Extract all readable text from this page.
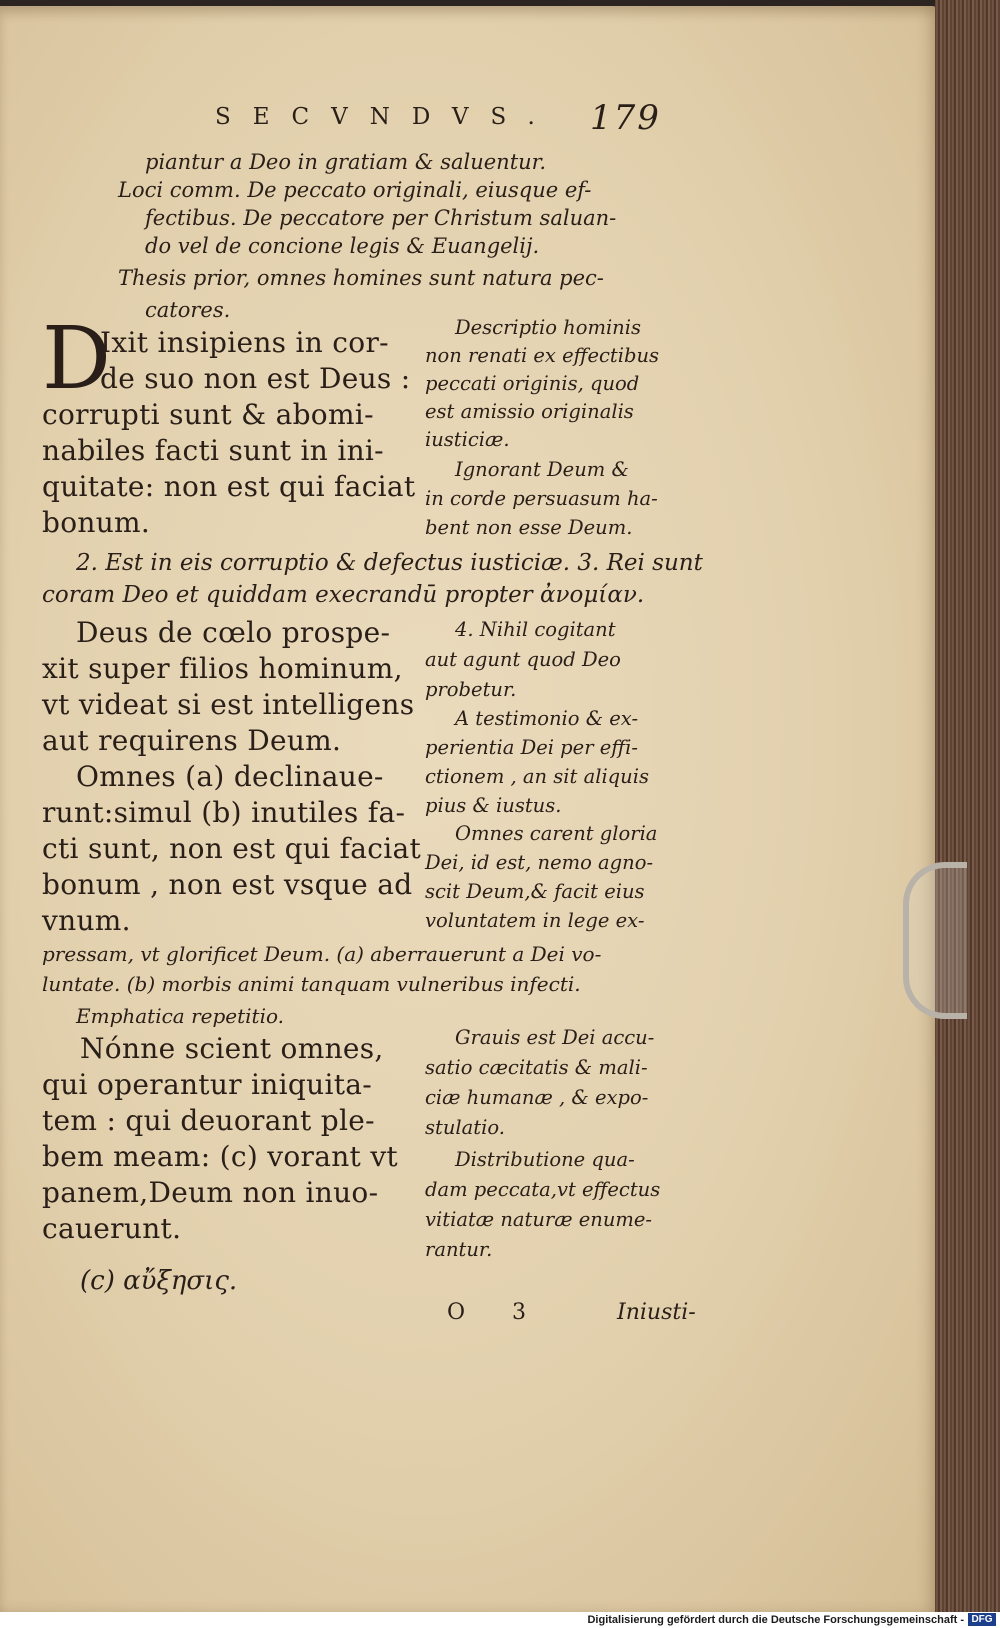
SECVNDVS. 179
piantur a Deo in gratiam & saluentur.
Loci comm. De peccato originali, eiusque ef-
fectibus. De peccatore per Christum saluan-
do vel de concione legis & Euangelij.
Thesis prior, omnes homines sunt natura pec-
catores.
D
Ixit insipiens in cor-
de suo non est Deus :
corrupti sunt & abomi-
nabiles facti sunt in ini-
quitate: non est qui faciat
bonum.
Descriptio hominis
non renati ex effectibus
peccati originis, quod
est amissio originalis
iusticiæ.
Ignorant Deum &
in corde persuasum ha-
bent non esse Deum.
2. Est in eis corruptio & defectus iusticiæ. 3. Rei sunt
coram Deo et quiddam execrandū propter ἀνομίαν.
Deus de cœlo prospe-
xit super filios hominum,
vt videat si est intelligens
aut requirens Deum.
Omnes (a) declinaue-
runt:simul (b) inutiles fa-
cti sunt, non est qui faciat
bonum , non est vsque ad
vnum.
4. Nihil cogitant
aut agunt quod Deo
probetur.
A testimonio & ex-
perientia Dei per effi-
ctionem , an sit aliquis
pius & iustus.
Omnes carent gloria
Dei, id est, nemo agno-
scit Deum,& facit eius
voluntatem in lege ex-
pressam, vt glorificet Deum. (a) aberrauerunt a Dei vo-
luntate. (b) morbis animi tanquam vulneribus infecti.
Emphatica repetitio.
Nónne scient omnes,
qui operantur iniquita-
tem : qui deuorant ple-
bem meam: (c) vorant vt
panem,Deum non inuo-
cauerunt.
Grauis est Dei accu-
satio cæcitatis & mali-
ciæ humanæ , & expo-
stulatio.
Distributione qua-
dam peccata,vt effectus
vitiatæ naturæ enume-
rantur.
(c) αὔξησις.
O 3	Iniusti-
Digitalisierung gefördert durch die Deutsche Forschungsgemeinschaft - DFG
